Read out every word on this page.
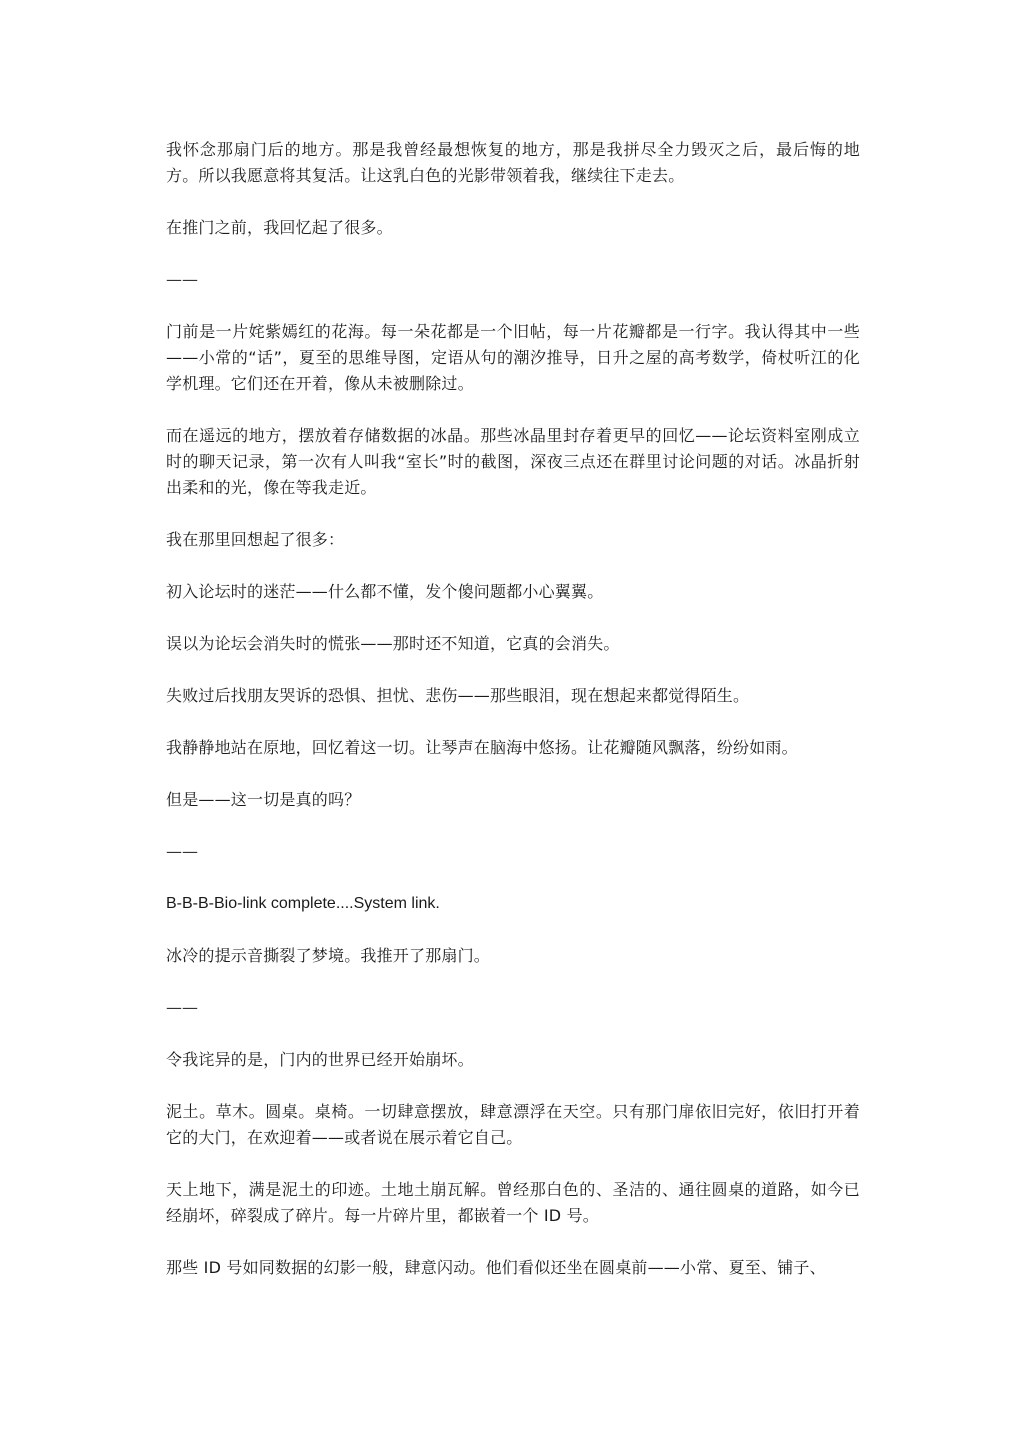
我怀念那扇门后的地方。那是我曾经最想恢复的地方，那是我拼尽全力毁灭之后，最后悔的地方。所以我愿意将其复活。让这乳白色的光影带领着我，继续往下走去。

在推门之前，我回忆起了很多。

——

门前是一片姹紫嫣红的花海。每一朵花都是一个旧帖，每一片花瓣都是一行字。我认得其中一些——小常的“话”，夏至的思维导图，定语从句的潮汐推导，日升之屋的高考数学，倚杖听江的化学机理。它们还在开着，像从未被删除过。

而在遥远的地方，摆放着存储数据的冰晶。那些冰晶里封存着更早的回忆——论坛资料室刚成立时的聊天记录，第一次有人叫我“室长”时的截图，深夜三点还在群里讨论问题的对话。冰晶折射出柔和的光，像在等我走近。

我在那里回想起了很多：

初入论坛时的迷茫——什么都不懂，发个傻问题都小心翼翼。

误以为论坛会消失时的慌张——那时还不知道，它真的会消失。

失败过后找朋友哭诉的恐惧、担忧、悲伤——那些眼泪，现在想起来都觉得陌生。

我静静地站在原地，回忆着这一切。让琴声在脑海中悠扬。让花瓣随风飘落，纷纷如雨。

但是——这一切是真的吗？

——

B-B-B-Bio-link complete....System link.

冰冷的提示音撕裂了梦境。我推开了那扇门。

——

令我诧异的是，门内的世界已经开始崩坏。

泥土。草木。圆桌。桌椅。一切肆意摆放，肆意漂浮在天空。只有那门扉依旧完好，依旧打开着它的大门，在欢迎着——或者说在展示着它自己。

天上地下，满是泥土的印迹。土地土崩瓦解。曾经那白色的、圣洁的、通往圆桌的道路，如今已经崩坏，碎裂成了碎片。每一片碎片里，都嵌着一个 ID 号。

那些 ID 号如同数据的幻影一般，肆意闪动。他们看似还坐在圆桌前——小常、夏至、铺子、
